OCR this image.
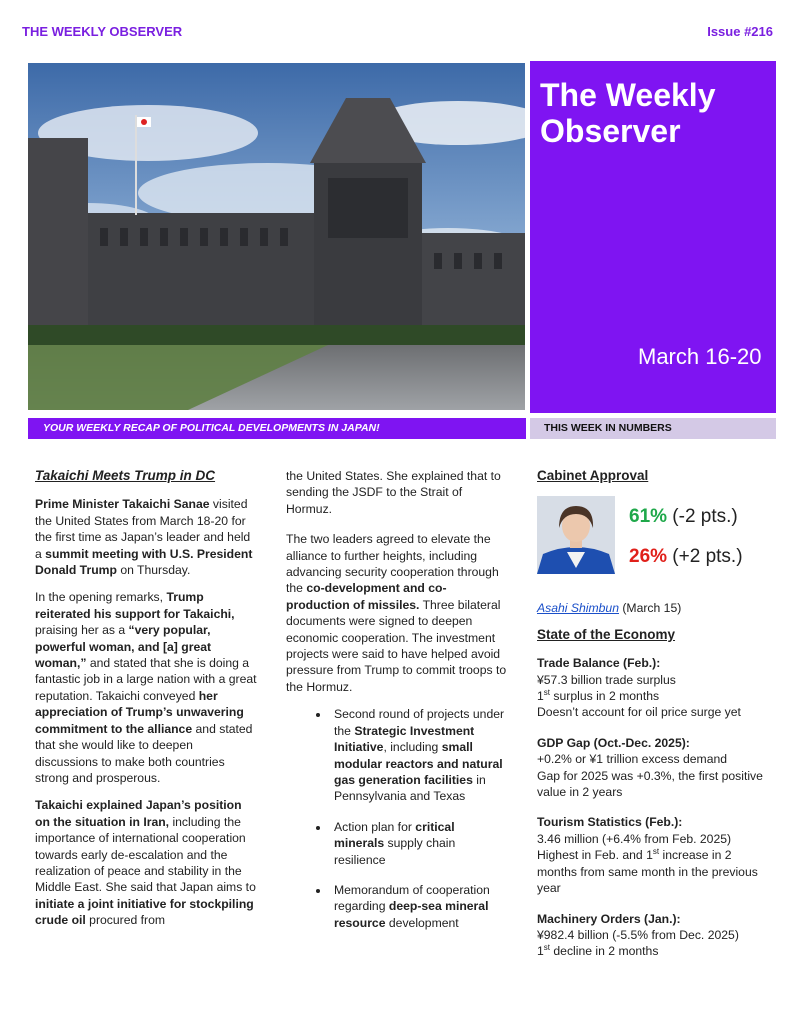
THE WEEKLY OBSERVER	Issue #216
The Weekly Observer
March 16-20
YOUR WEEKLY RECAP OF POLITICAL DEVELOPMENTS IN JAPAN!	THIS WEEK IN NUMBERS
Takaichi Meets Trump in DC

Prime Minister Takaichi Sanae visited the United States from March 18-20 for the first time as Japan’s leader and held a summit meeting with U.S. President Donald Trump on Thursday.

In the opening remarks, Trump reiterated his support for Takaichi, praising her as a “very popular, powerful woman, and [a] great woman,” and stated that she is doing a fantastic job in a large nation with a great reputation. Takaichi conveyed her appreciation of Trump’s unwavering commitment to the alliance and stated that she would like to deepen discussions to make both countries strong and prosperous.

Takaichi explained Japan’s position on the situation in Iran, including the importance of international cooperation towards early de-escalation and the realization of peace and stability in the Middle East. She said that Japan aims to initiate a joint initiative for stockpiling crude oil procured from

the United States. She explained that to sending the JSDF to the Strait of Hormuz.

The two leaders agreed to elevate the alliance to further heights, including advancing security cooperation through the co-development and co-production of missiles. Three bilateral documents were signed to deepen economic cooperation. The investment projects were said to have helped avoid pressure from Trump to commit troops to the Hormuz.

• Second round of projects under the Strategic Investment Initiative, including small modular reactors and natural gas generation facilities in Pennsylvania and Texas
• Action plan for critical minerals supply chain resilience
• Memorandum of cooperation regarding deep-sea mineral resource development
Cabinet Approval
61% (-2 pts.)
26% (+2 pts.)
Asahi Shimbun (March 15)
State of the Economy
Trade Balance (Feb.):
¥57.3 billion trade surplus
1st surplus in 2 months
Doesn’t account for oil price surge yet
GDP Gap (Oct.-Dec. 2025):
+0.2% or ¥1 trillion excess demand
Gap for 2025 was +0.3%, the first positive value in 2 years
Tourism Statistics (Feb.):
3.46 million (+6.4% from Feb. 2025)
Highest in Feb. and 1st increase in 2 months from same month in the previous year
Machinery Orders (Jan.):
¥982.4 billion (-5.5% from Dec. 2025)
1st decline in 2 months
